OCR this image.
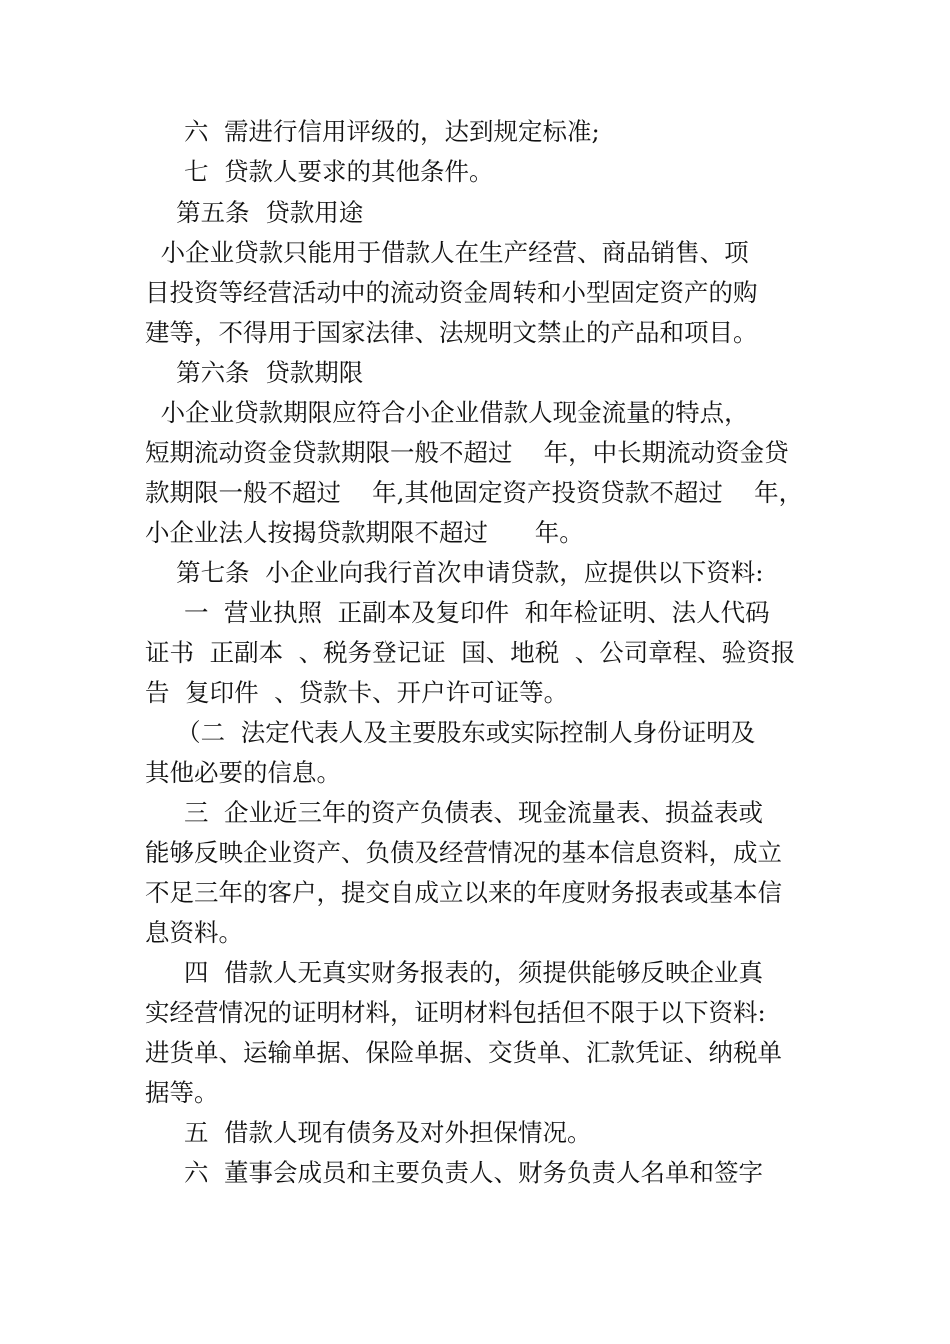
六  需进行信用评级的，达到规定标准;
七  贷款人要求的其他条件。
第五条  贷款用途
小企业贷款只能用于借款人在生产经营、商品销售、项
目投资等经营活动中的流动资金周转和小型固定资产的购
建等，不得用于国家法律、法规明文禁止的产品和项目。
第六条  贷款期限
小企业贷款期限应符合小企业借款人现金流量的特点，
短期流动资金贷款期限一般不超过    年，中长期流动资金贷
款期限一般不超过    年,其他固定资产投资贷款不超过    年，
小企业法人按揭贷款期限不超过      年。
第七条  小企业向我行首次申请贷款，应提供以下资料:
一  营业执照  正副本及复印件  和年检证明、法人代码
证书  正副本  、税务登记证  国、地税  、公司章程、验资报
告  复印件  、贷款卡、开户许可证等。
（二  法定代表人及主要股东或实际控制人身份证明及
其他必要的信息。
三  企业近三年的资产负债表、现金流量表、损益表或
能够反映企业资产、负债及经营情况的基本信息资料，成立
不足三年的客户，提交自成立以来的年度财务报表或基本信
息资料。
四  借款人无真实财务报表的，须提供能够反映企业真
实经营情况的证明材料，证明材料包括但不限于以下资料:
进货单、运输单据、保险单据、交货单、汇款凭证、纳税单
据等。
五  借款人现有债务及对外担保情况。
六  董事会成员和主要负责人、财务负责人名单和签字
